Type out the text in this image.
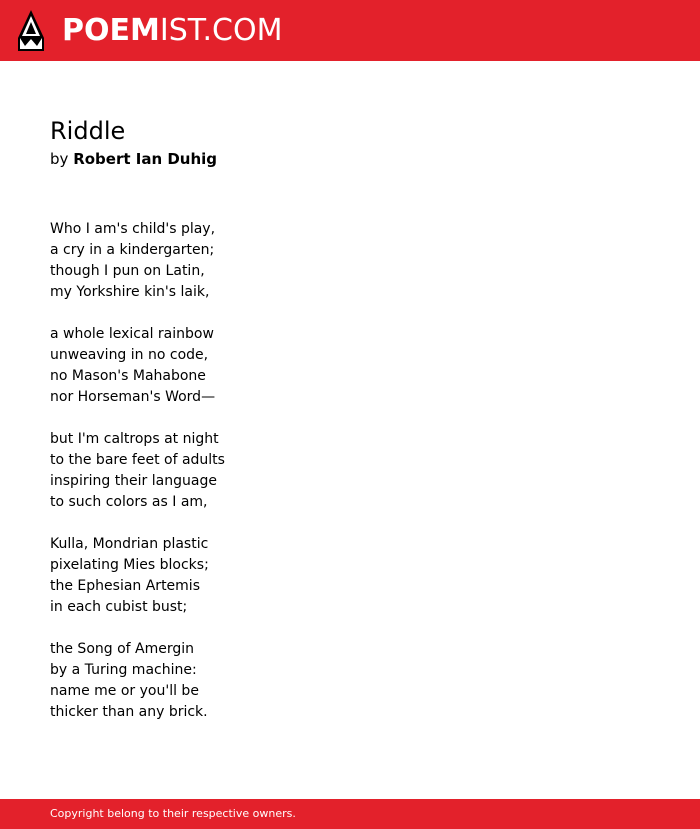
POEMIST.COM
Riddle
by Robert Ian Duhig
Who I am's child's play,
a cry in a kindergarten;
though I pun on Latin,
my Yorkshire kin's laik,
a whole lexical rainbow
unweaving in no code,
no Mason's Mahabone
nor Horseman's Word—
but I'm caltrops at night
to the bare feet of adults
inspiring their language
to such colors as I am,
Kulla, Mondrian plastic
pixelating Mies blocks;
the Ephesian Artemis
in each cubist bust;
the Song of Amergin
by a Turing machine:
name me or you'll be
thicker than any brick.
Copyright belong to their respective owners.
